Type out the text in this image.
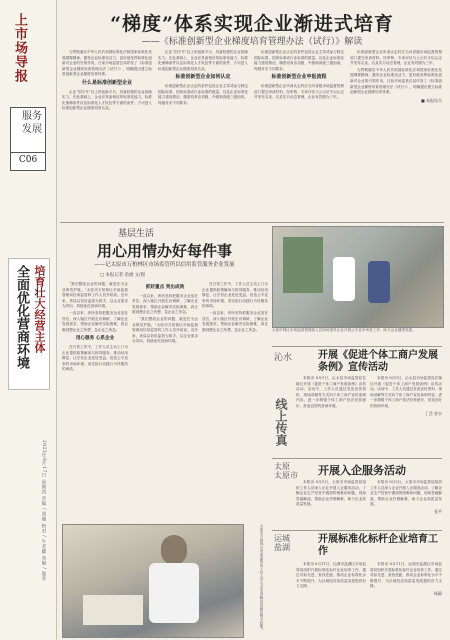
上市场导报
服务发展
C06
全面优化营商环境 培育壮大经营主体
2023年8月17日 星期四 责编 / 胡越 校对 / 牛者麒 美编 / 温亚
“梯度”体系实现企业渐进式培育
——《标准创新型企业梯度培育管理办法（试行）》解读

为贯彻落实中华人民共和国标准化法和国家标准化发展纲要精神，激发企业标准化活力，更好地发挥标准化创新对企业的引领作用，日前市场监管总局印发了《标准创新型企业梯度培育管理办法（试行）》，明确提出建立标准创新型企业梯度培育体系。

什么是标准创新型企业

企业“国字号”以上的创新平台，具备较强的企业基础实力。在此基础上，企业应具备相应的标准化能力、标准化保障条件以及标准化人才队伍等方面的条件，方可进入标准创新型企业梯度培育名录。

企业“国字号”以上的创新平台，具备较强的企业基础实力。在此基础上，企业应具备相应的标准化能力、标准化保障条件以及标准化人才队伍等方面的条件，方可进入标准创新型企业梯度培育名录。

标准创新型企业如何认定

标准创新型企业认定的条件包括企业主导或参与制定国际标准、国家标准或行业标准的数量，以及企业标准化能力建设情况，梯度培育由初级、中级和高级三级组成，每级对应不同要求。

标准创新型企业认定的条件包括企业主导或参与制定国际标准、国家标准或行业标准的数量，以及企业标准化能力建设情况，梯度培育由初级、中级和高级三级组成，每级对应不同要求。

标准创新型企业申报流程

标准创新型企业申请认定时应当向省级市场监督管理部门提交申请材料，经审核、专家评估与公示后予以认定并发布名录，名录实行动态管理，企业有效期为三年。

标准创新型企业申请认定时应当向省级市场监督管理部门提交申请材料，经审核、专家评估与公示后予以认定并发布名录，名录实行动态管理，企业有效期为三年。

为贯彻落实中华人民共和国标准化法和国家标准化发展纲要精神，激发企业标准化活力，更好地发挥标准化创新对企业的引领作用，日前市场监管总局印发了《标准创新型企业梯度培育管理办法（试行）》，明确提出建立标准创新型企业梯度培育体系。

■ 本报综合
基层生活
用心用情办好每件事
——记太原市万柏林区市场监管所以信用监管服务企业发展
□ 本报记者 余涵 文/图

“我们整改企业的问题，就是在为企业保驾护航。”太原市万柏林区市场监督管理局信用监管科工作人员介绍说。近年来，该局以信用监管为抓手，以企业需求为导向，持续优化营商环境。

一直以来，该所坚持把服务企业放在首位，深入辖区开展走访调研，了解企业发展需求，帮助企业解决实际困难，真正做到想企业之所想、急企业之所急。

用心服务 心系企业

在日常工作中，工作人员主动上门为企业提供政策解读与指导服务，推动信用修复，让守信企业处处受益，营造公平竞争的市场环境，用实际行动践行为民服务的承诺。

抓好重点 突出成效

一直以来，该所坚持把服务企业放在首位，深入辖区开展走访调研，了解企业发展需求，帮助企业解决实际困难，真正做到想企业之所想、急企业之所急。

“我们整改企业的问题，就是在为企业保驾护航。”太原市万柏林区市场监督管理局信用监管科工作人员介绍说。近年来，该局以信用监管为抓手，以企业需求为导向，持续优化营商环境。

在日常工作中，工作人员主动上门为企业提供政策解读与指导服务，推动信用修复，让守信企业处处受益，营造公平竞争的市场环境，用实际行动践行为民服务的承诺。

一直以来，该所坚持把服务企业放在首位，深入辖区开展走访调研，了解企业发展需求，帮助企业解决实际困难，真正做到想企业之所想、急企业之所急。

太原市万柏林区市场监管所工作人员为企业讲解信用修复相关政策。
太原市林区市场监督管理局人员现场指导企业开展公平竞争审查工作，助力企业健康发展。
线上传真
沁水	开展《促进个体工商户发展条例》宣传活动

本报讯 8月9日，沁水县市场监管局在辖区开展《促进个体工商户发展条例》宣传活动。活动中，工作人员通过发放宣传资料、现场讲解等方式向个体工商户宣传条例内容，进一步增强个体工商户依法经营意识，营造良好的营商环境。

本报讯 8月9日，沁水县市场监管局在辖区开展《促进个体工商户发展条例》宣传活动。活动中，工作人员通过发放宣传资料、现场讲解等方式向个体工商户宣传条例内容，进一步增强个体工商户依法经营意识，营造良好的营商环境。

丁芸 晋水
太原
太原市 开展入企服务活动

本报讯 8月5日，太原市市场监管局组织工作人员深入企业开展入企服务活动，了解企业生产经营中遇到的困难和问题，现场答疑解惑，帮助企业纾困解难，助力企业高质量发展。

本报讯 8月5日，太原市市场监管局组织工作人员深入企业开展入企服务活动，了解企业生产经营中遇到的困难和问题，现场答疑解惑，帮助企业纾困解难，助力企业高质量发展。

张平
运城
盐湖
开展标准化标杆企业培育工作

本报讯 8月11日，运城市盐湖区市场监管局组织开展标准化标杆企业培育工作，通过对标先进、查找差距，推动企业标准化水平不断提升，为区域经济高质量发展提供有力支撑。

本报讯 8月11日，运城市盐湖区市场监管局组织开展标准化标杆企业培育工作，通过对标先进、查找差距，推动企业标准化水平不断提升，为区域经济高质量发展提供有力支撑。

杨静
